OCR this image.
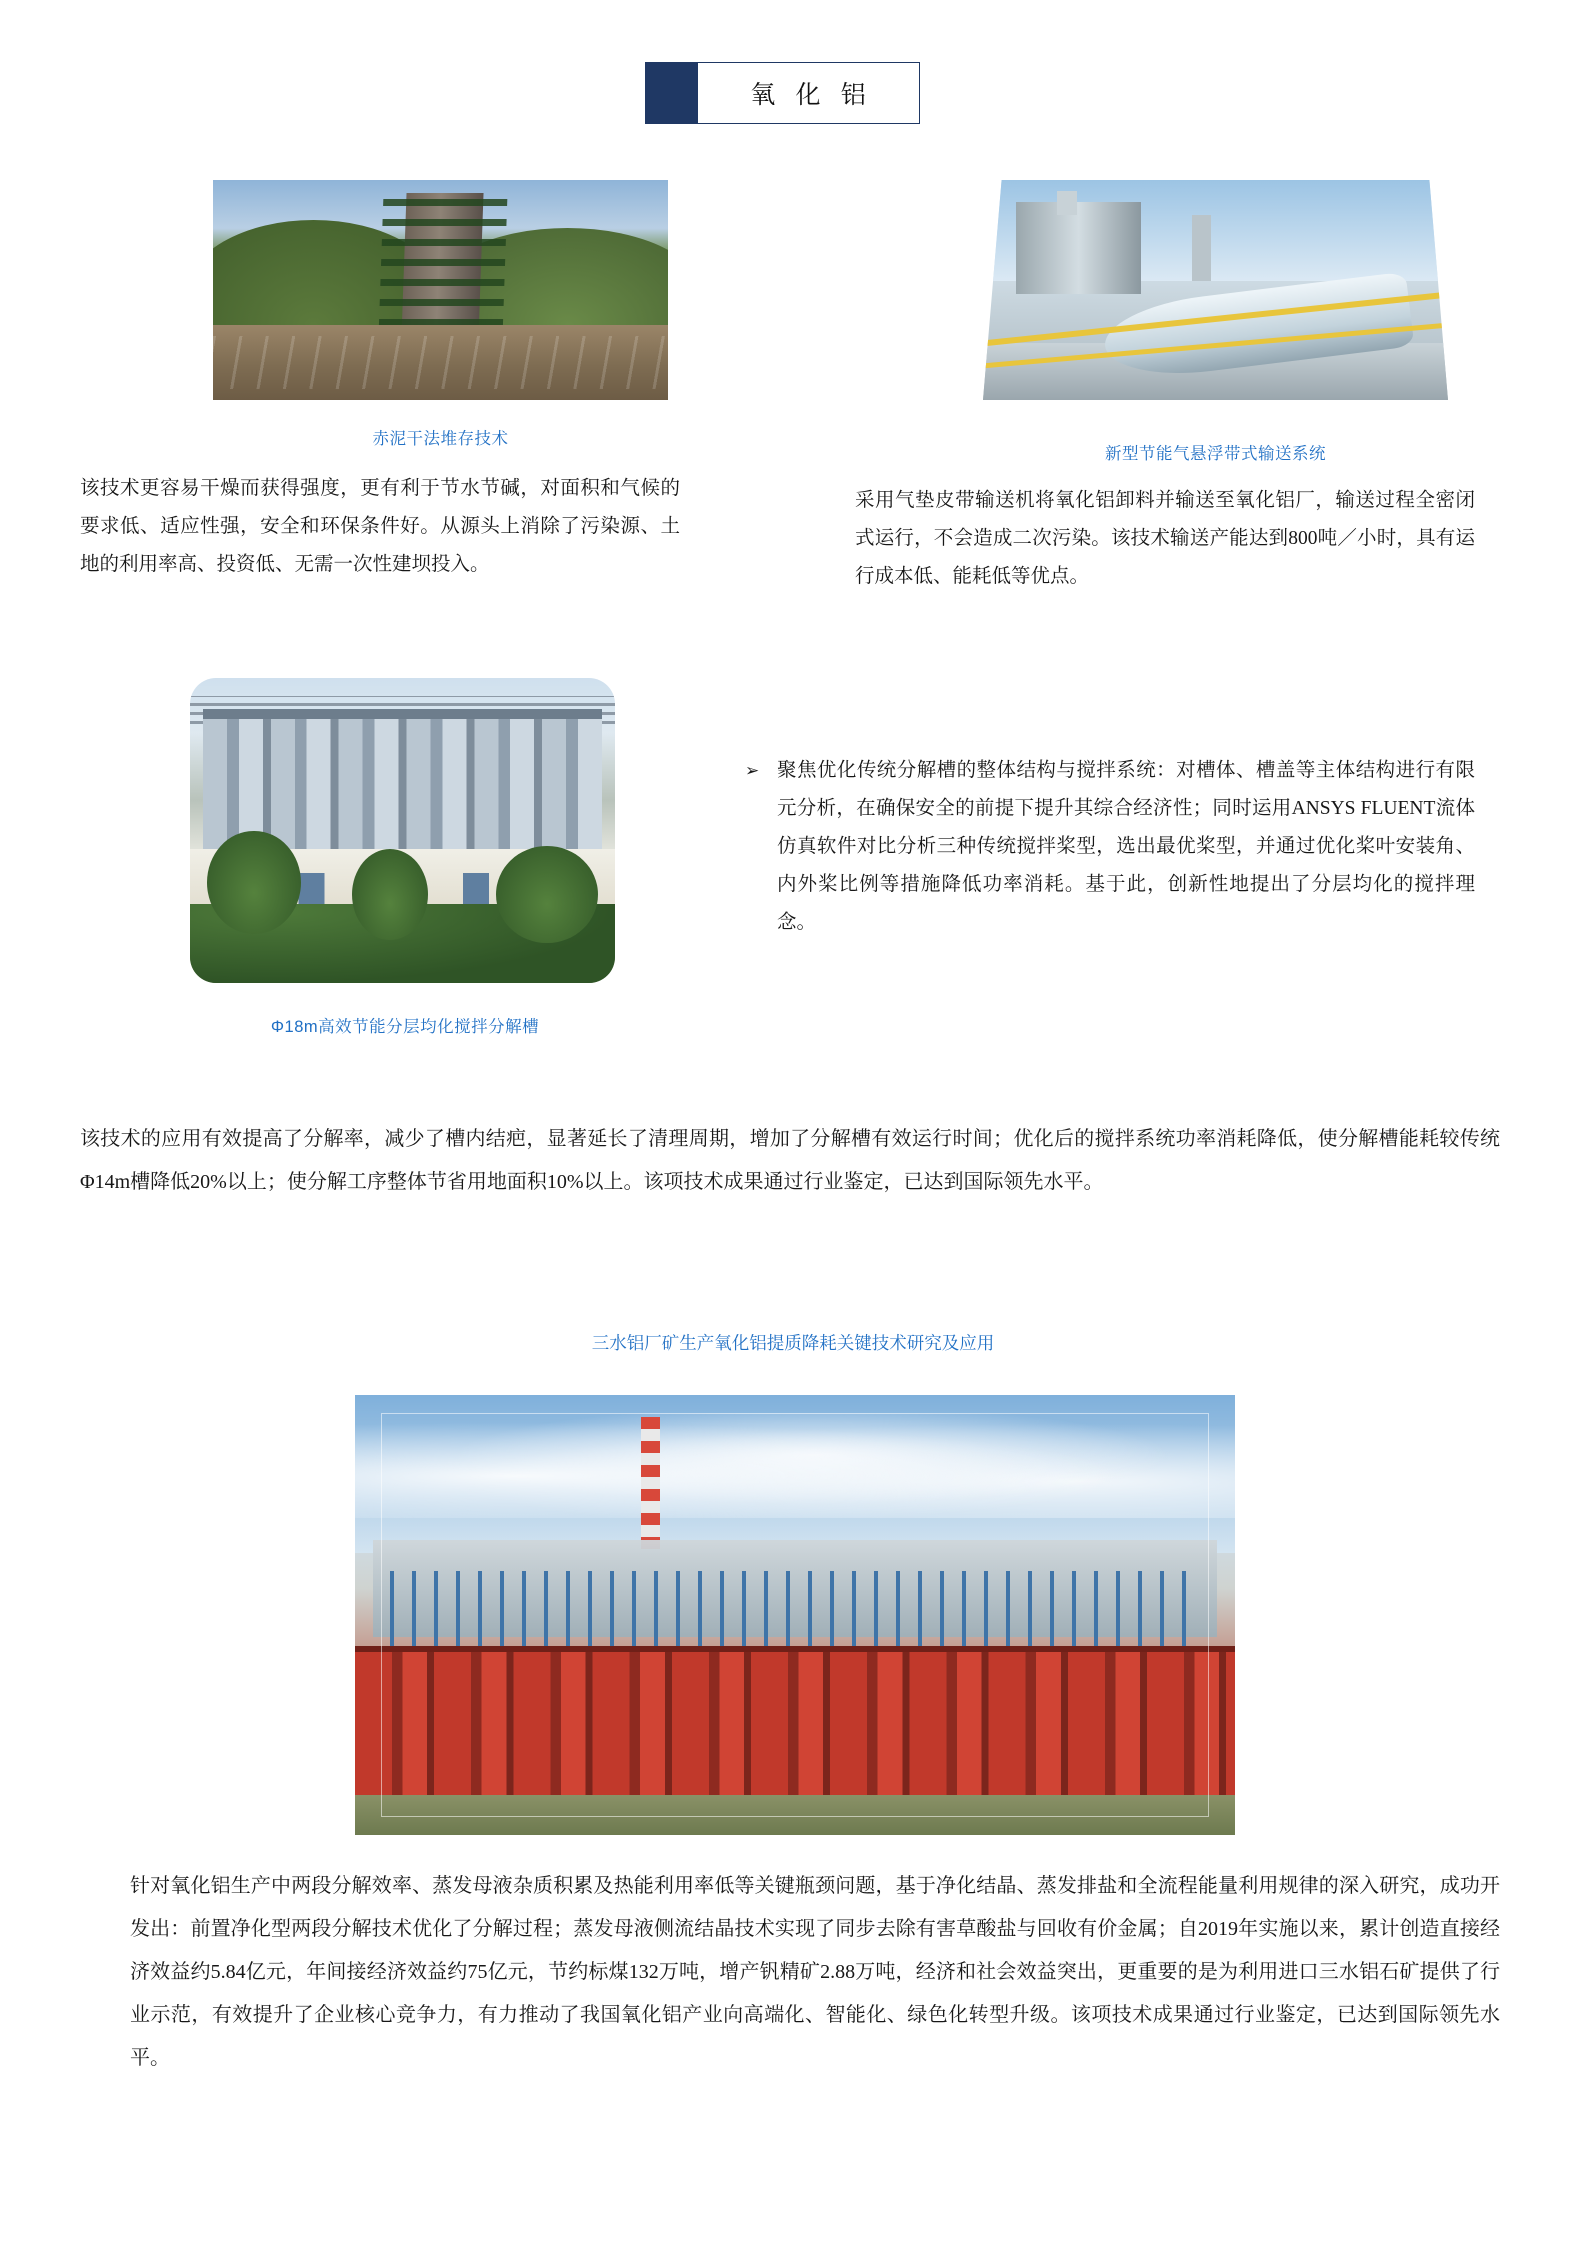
氧 化 铝
赤泥干法堆存技术
该技术更容易干燥而获得强度，更有利于节水节碱，对面积和气候的要求低、适应性强，安全和环保条件好。从源头上消除了污染源、土地的利用率高、投资低、无需一次性建坝投入。
新型节能气悬浮带式输送系统
采用气垫皮带输送机将氧化铝卸料并输送至氧化铝厂，输送过程全密闭式运行，不会造成二次污染。该技术输送产能达到800吨／小时，具有运行成本低、能耗低等优点。
Φ18m高效节能分层均化搅拌分解槽
➢ 聚焦优化传统分解槽的整体结构与搅拌系统：对槽体、槽盖等主体结构进行有限元分析，在确保安全的前提下提升其综合经济性；同时运用ANSYS FLUENT流体仿真软件对比分析三种传统搅拌桨型，选出最优桨型，并通过优化桨叶安装角、内外桨比例等措施降低功率消耗。基于此，创新性地提出了分层均化的搅拌理念。
该技术的应用有效提高了分解率，减少了槽内结疤，显著延长了清理周期，增加了分解槽有效运行时间；优化后的搅拌系统功率消耗降低，使分解槽能耗较传统Φ14m槽降低20%以上；使分解工序整体节省用地面积10%以上。该项技术成果通过行业鉴定，已达到国际领先水平。
三水铝厂矿生产氧化铝提质降耗关键技术研究及应用
针对氧化铝生产中两段分解效率、蒸发母液杂质积累及热能利用率低等关键瓶颈问题，基于净化结晶、蒸发排盐和全流程能量利用规律的深入研究，成功开发出：前置净化型两段分解技术优化了分解过程；蒸发母液侧流结晶技术实现了同步去除有害草酸盐与回收有价金属；自2019年实施以来，累计创造直接经济效益约5.84亿元，年间接经济效益约75亿元，节约标煤132万吨，增产钒精矿2.88万吨，经济和社会效益突出，更重要的是为利用进口三水铝石矿提供了行业示范，有效提升了企业核心竞争力，有力推动了我国氧化铝产业向高端化、智能化、绿色化转型升级。该项技术成果通过行业鉴定，已达到国际领先水平。
